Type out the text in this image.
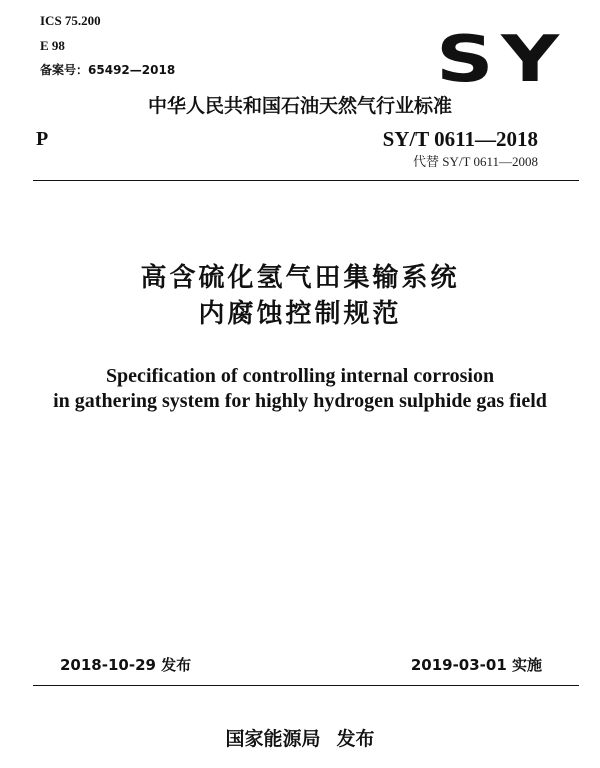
ICS 75.200
E 98
备案号：65492—2018	SY
中华人民共和国石油天然气行业标准
P	SY/T 0611—2018
代替 SY/T 0611—2008
高含硫化氢气田集输系统
内腐蚀控制规范
Specification of controlling internal corrosion
in gathering system for highly hydrogen sulphide gas field
2018-10-29 发布	2019-03-01 实施
国家能源局 发布
